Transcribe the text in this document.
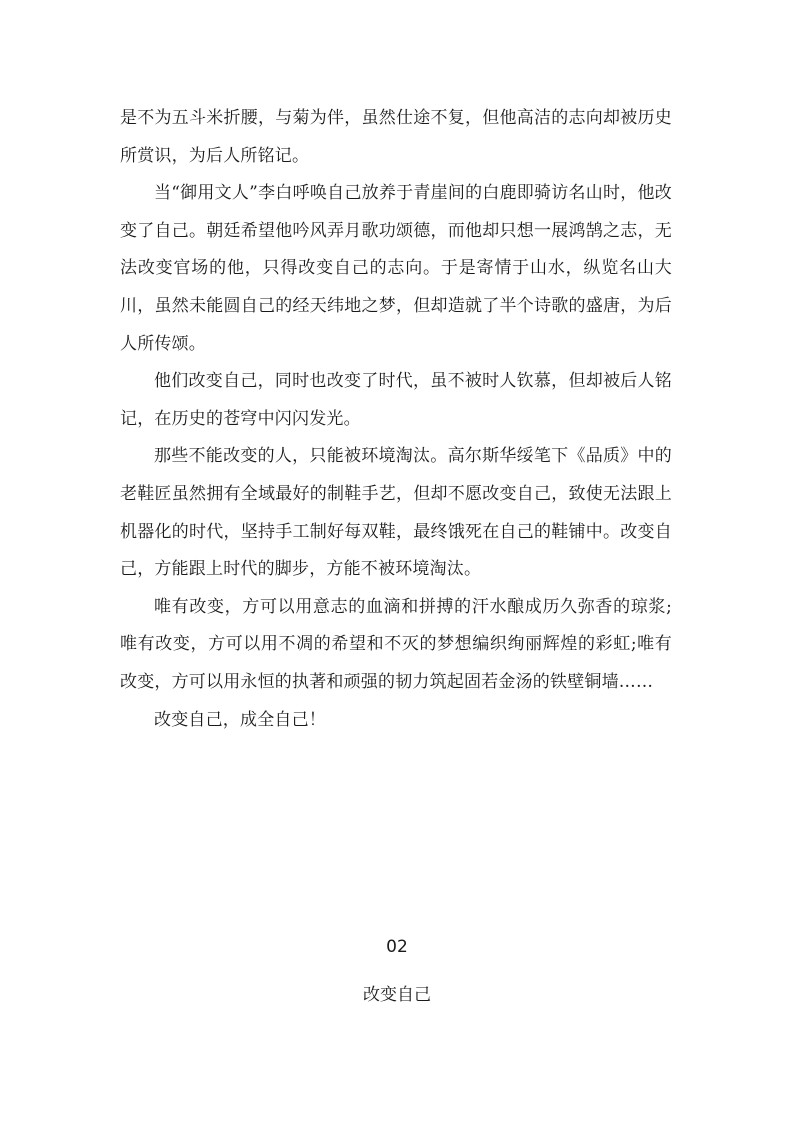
是不为五斗米折腰，与菊为伴，虽然仕途不复，但他高洁的志向却被历史所赏识，为后人所铭记。

当“御用文人”李白呼唤自己放养于青崖间的白鹿即骑访名山时，他改变了自己。朝廷希望他吟风弄月歌功颂德，而他却只想一展鸿鹄之志，无法改变官场的他，只得改变自己的志向。于是寄情于山水，纵览名山大川，虽然未能圆自己的经天纬地之梦，但却造就了半个诗歌的盛唐，为后人所传颂。

他们改变自己，同时也改变了时代，虽不被时人钦慕，但却被后人铭记，在历史的苍穹中闪闪发光。

那些不能改变的人，只能被环境淘汰。高尔斯华绥笔下《品质》中的老鞋匠虽然拥有全域最好的制鞋手艺，但却不愿改变自己，致使无法跟上机器化的时代，坚持手工制好每双鞋，最终饿死在自己的鞋铺中。改变自己，方能跟上时代的脚步，方能不被环境淘汰。

唯有改变，方可以用意志的血滴和拼搏的汗水酿成历久弥香的琼浆;唯有改变，方可以用不凋的希望和不灭的梦想编织绚丽辉煌的彩虹;唯有改变，方可以用永恒的执著和顽强的韧力筑起固若金汤的铁壁铜墙……

改变自己，成全自己！

02
改变自己
